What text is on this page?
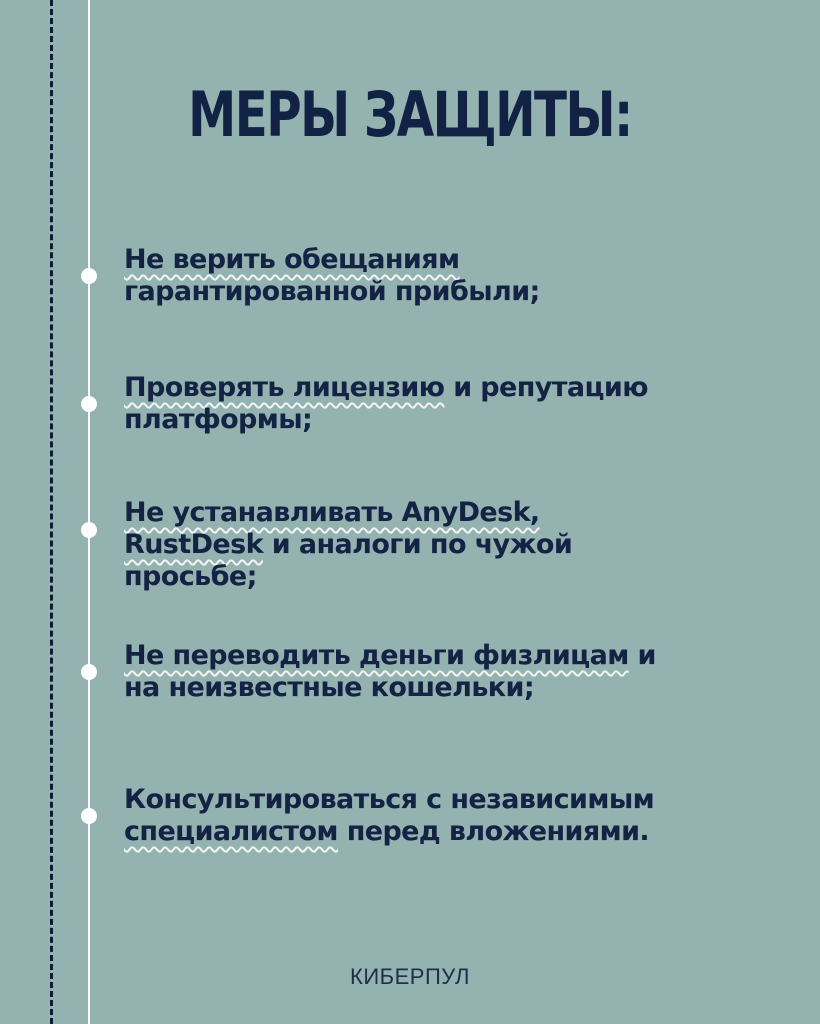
МЕРЫ ЗАЩИТЫ:
Не верить обещаниям
гарантированной прибыли;
Проверять лицензию и репутацию
платформы;
Не устанавливать AnyDesk,
RustDesk и аналоги по чужой
просьбе;
Не переводить деньги физлицам и
на неизвестные кошельки;
Консультироваться с независимым
специалистом перед вложениями.
КИБЕРПУЛ
